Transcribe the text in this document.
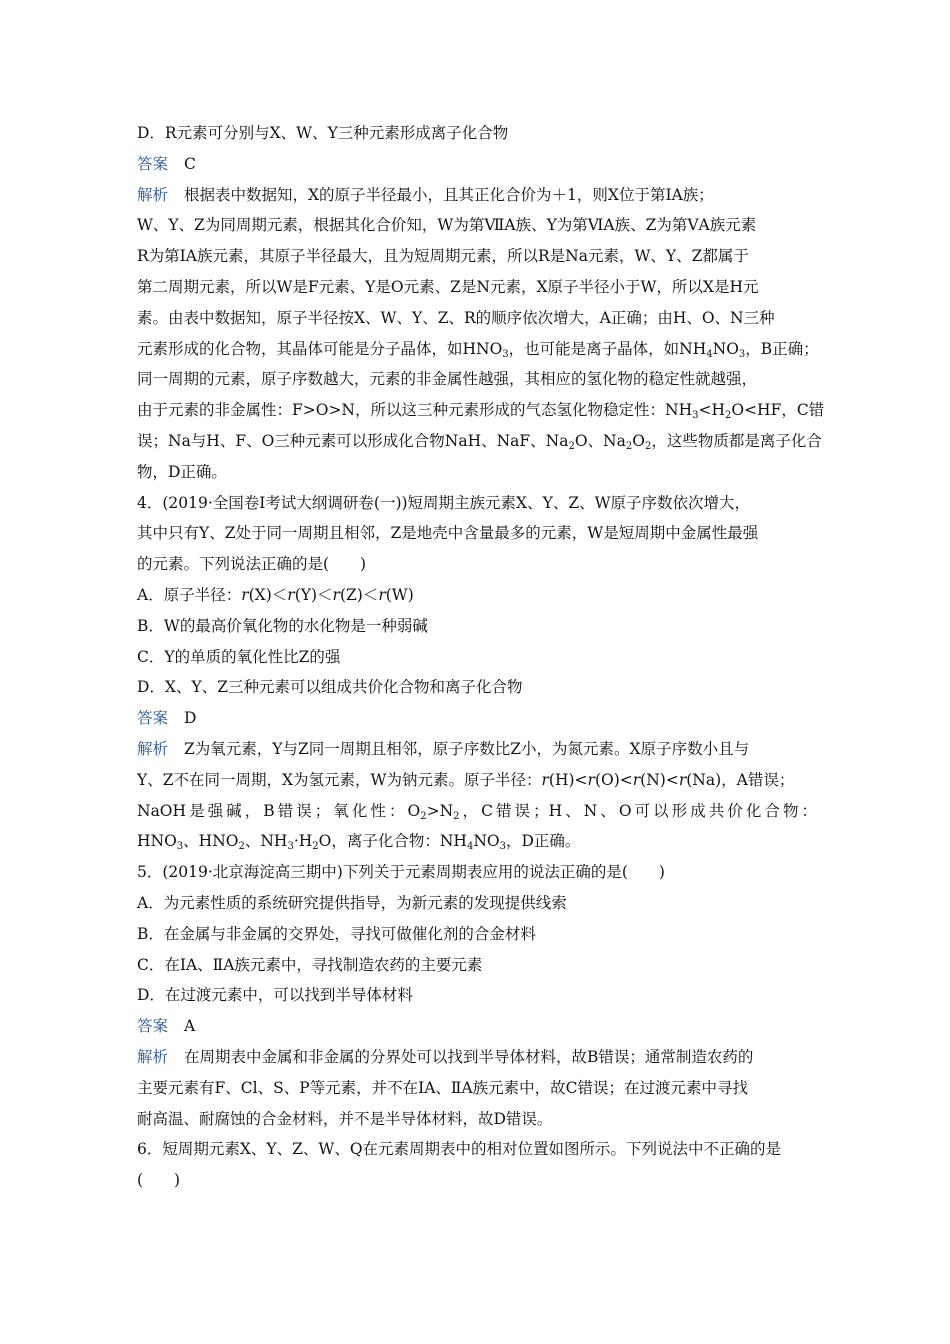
D．R元素可分别与X、W、Y三种元素形成离子化合物
答案 C
解析 根据表中数据知，X的原子半径最小，且其正化合价为＋1，则X位于第ⅠA族；
W、Y、Z为同周期元素，根据其化合价知，W为第ⅦA族、Y为第ⅥA族、Z为第ⅤA族元素
R为第ⅠA族元素，其原子半径最大，且为短周期元素，所以R是Na元素，W、Y、Z都属于
第二周期元素，所以W是F元素、Y是O元素、Z是N元素，X原子半径小于W，所以X是H元
素。由表中数据知，原子半径按X、W、Y、Z、R的顺序依次增大，A正确；由H、O、N三种
元素形成的化合物，其晶体可能是分子晶体，如$HNO_3$，也可能是离子晶体，如$NH_4NO_3$，B正确；
同一周期的元素，原子序数越大，元素的非金属性越强，其相应的氢化物的稳定性就越强，
由于元素的非金属性：F>O>N，所以这三种元素形成的气态氢化物稳定性：$NH_3<H_2O<HF$，C错
误；Na与H、F、O三种元素可以形成化合物NaH、NaF、$Na_2O$、$Na_2O_2$，这些物质都是离子化合
物，D正确。
4．(2019·全国卷Ⅰ考试大纲调研卷(一))短周期主族元素X、Y、Z、W原子序数依次增大，
其中只有Y、Z处于同一周期且相邻，Z是地壳中含量最多的元素，W是短周期中金属性最强
的元素。下列说法正确的是(　　)
A．原子半径：r(X)＜r(Y)＜r(Z)＜r(W)
B．W的最高价氧化物的水化物是一种弱碱
C．Y的单质的氧化性比Z的强
D．X、Y、Z三种元素可以组成共价化合物和离子化合物
答案 D
解析 Z为氧元素，Y与Z同一周期且相邻，原子序数比Z小，为氮元素。X原子序数小且与
Y、Z不在同一周期，X为氢元素，W为钠元素。原子半径：r(H)<r(O)<r(N)<r(Na)，A错误；
NaOH是强碱，B错误；氧化性：$O_2>N_2$，C错误；H、N、O可以形成共价化合物：
$HNO_3$、$HNO_2$、$NH_3\cdot H_2O$，离子化合物：$NH_4NO_3$，D正确。
5．(2019·北京海淀高三期中)下列关于元素周期表应用的说法正确的是(　　)
A．为元素性质的系统研究提供指导，为新元素的发现提供线索
B．在金属与非金属的交界处，寻找可做催化剂的合金材料
C．在ⅠA、ⅡA族元素中，寻找制造农药的主要元素
D．在过渡元素中，可以找到半导体材料
答案 A
解析 在周期表中金属和非金属的分界处可以找到半导体材料，故B错误；通常制造农药的
主要元素有F、Cl、S、P等元素，并不在ⅠA、ⅡA族元素中，故C错误；在过渡元素中寻找
耐高温、耐腐蚀的合金材料，并不是半导体材料，故D错误。
6．短周期元素X、Y、Z、W、Q在元素周期表中的相对位置如图所示。下列说法中不正确的是
(　　)
